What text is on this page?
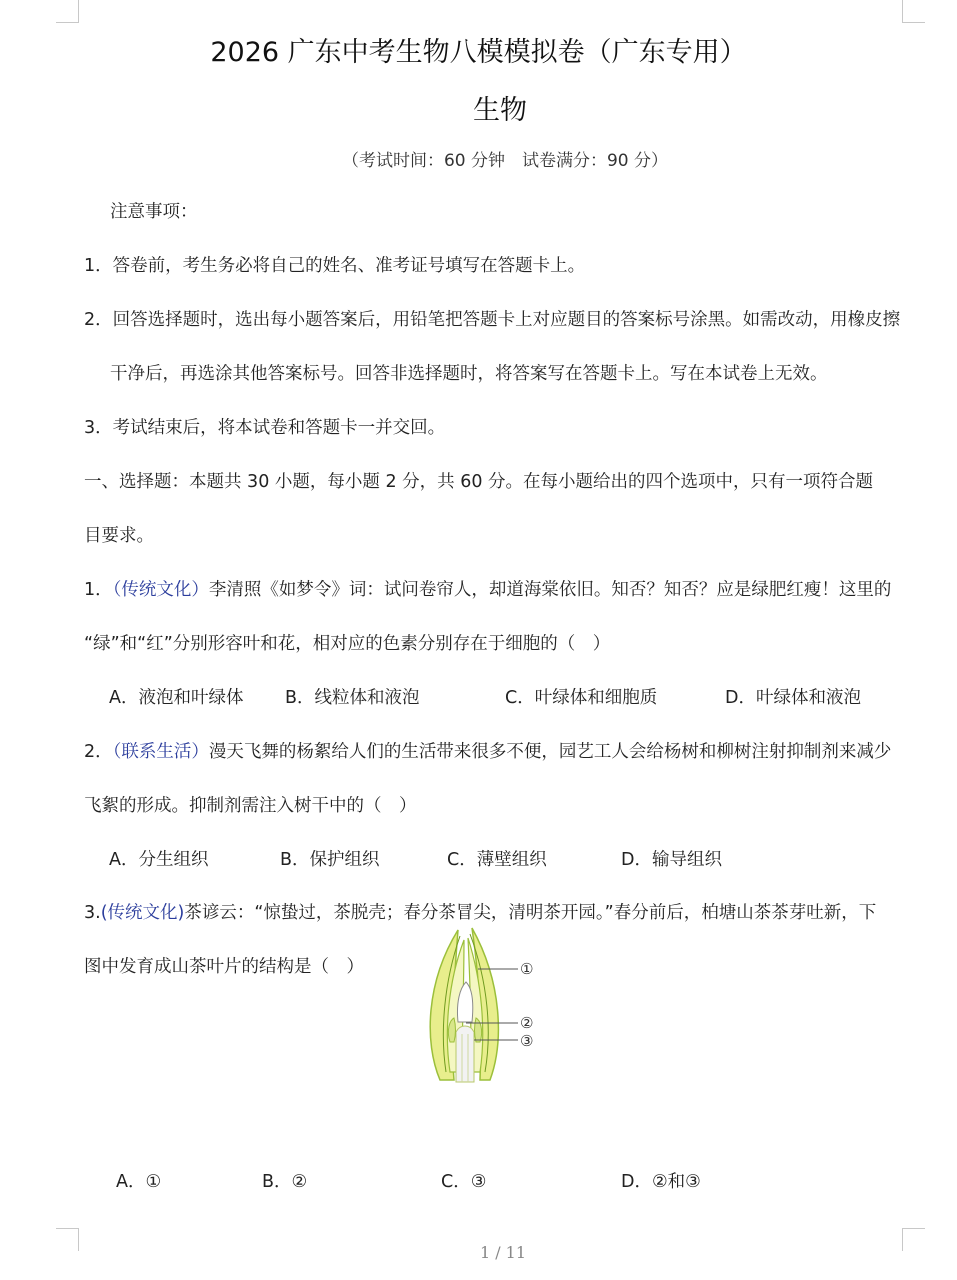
2026 广东中考生物八模模拟卷（广东专用）
生物
（考试时间：60 分钟　试卷满分：90 分）
注意事项：
1．答卷前，考生务必将自己的姓名、准考证号填写在答题卡上。
2．回答选择题时，选出每小题答案后，用铅笔把答题卡上对应题目的答案标号涂黑。如需改动，用橡皮擦
干净后，再选涂其他答案标号。回答非选择题时，将答案写在答题卡上。写在本试卷上无效。
3．考试结束后，将本试卷和答题卡一并交回。
一、选择题：本题共 30 小题，每小题 2 分，共 60 分。在每小题给出的四个选项中，只有一项符合题
目要求。
1．（传统文化）李清照《如梦令》词：试问卷帘人，却道海棠依旧。知否？知否？应是绿肥红瘦！这里的
“绿”和“红”分别形容叶和花，相对应的色素分别存在于细胞的（　）
A．液泡和叶绿体 B．线粒体和液泡	C．叶绿体和细胞质	D．叶绿体和液泡
2．（联系生活）漫天飞舞的杨絮给人们的生活带来很多不便，园艺工人会给杨树和柳树注射抑制剂来减少
飞絮的形成。抑制剂需注入树干中的（　）
A．分生组织	B．保护组织	C．薄壁组织	D．输导组织
3.(传统文化)茶谚云：“惊蛰过，茶脱壳；春分茶冒尖，清明茶开园。”春分前后，柏塘山茶茶芽吐新，下
图中发育成山茶叶片的结构是（　）	①
②
③
A．①	B．②	C．③	D．②和③
1 / 11
